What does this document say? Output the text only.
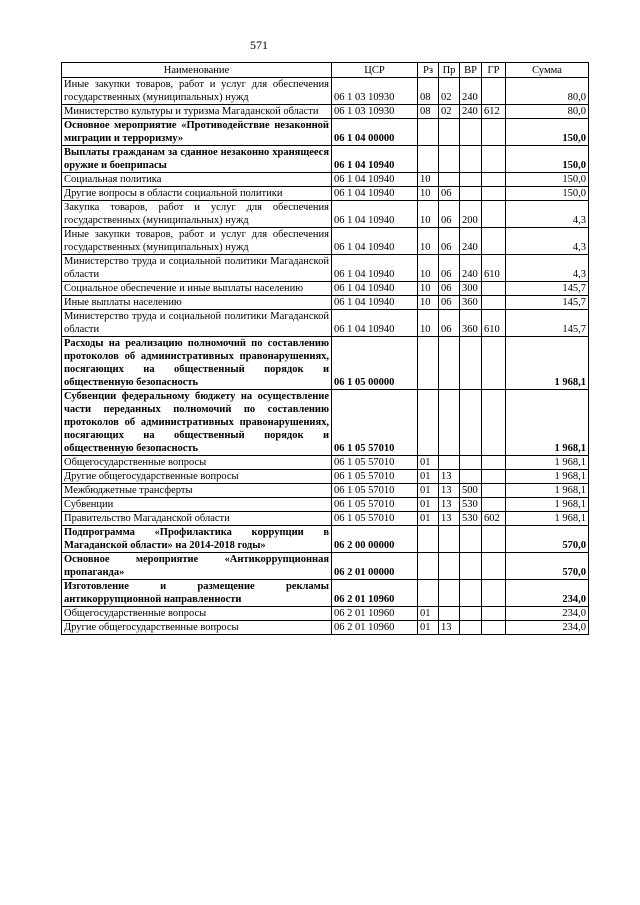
571
Наименование	ЦСР	Рз	Пр	ВР	ГР	Сумма
Иные закупки товаров, работ и услуг для обеспечения государственных (муниципальных) нужд	06 1 03 10930	08	02	240		80,0
Министерство культуры и туризма Магаданской области	06 1 03 10930	08	02	240	612	80,0
Основное мероприятие «Противодействие незаконной миграции и терроризму»	06 1 04 00000					150,0
Выплаты гражданам за сданное незаконно хранящееся оружие и боеприпасы	06 1 04 10940					150,0
Социальная политика	06 1 04 10940	10				150,0
Другие вопросы в области социальной политики	06 1 04 10940	10	06			150,0
Закупка товаров, работ и услуг для обеспечения государственных (муниципальных) нужд	06 1 04 10940	10	06	200		4,3
Иные закупки товаров, работ и услуг для обеспечения государственных (муниципальных) нужд	06 1 04 10940	10	06	240		4,3
Министерство труда и социальной политики Магаданской области	06 1 04 10940	10	06	240	610	4,3
Социальное обеспечение и иные выплаты населению	06 1 04 10940	10	06	300		145,7
Иные выплаты населению	06 1 04 10940	10	06	360		145,7
Министерство труда и социальной политики Магаданской области	06 1 04 10940	10	06	360	610	145,7
Расходы на реализацию полномочий по составлению протоколов об административных правонарушениях, посягающих на общественный порядок и общественную безопасность	06 1 05 00000					1 968,1
Субвенции федеральному бюджету на осуществление части переданных полномочий по составлению протоколов об административных правонарушениях, посягающих на общественный порядок и общественную безопасность	06 1 05 57010					1 968,1
Общегосударственные вопросы	06 1 05 57010	01				1 968,1
Другие общегосударственные вопросы	06 1 05 57010	01	13			1 968,1
Межбюджетные трансферты	06 1 05 57010	01	13	500		1 968,1
Субвенции	06 1 05 57010	01	13	530		1 968,1
Правительство Магаданской области	06 1 05 57010	01	13	530	602	1 968,1
Подпрограмма «Профилактика коррупции в Магаданской области» на 2014-2018 годы»	06 2 00 00000					570,0
Основное мероприятие «Антикоррупционная пропаганда»	06 2 01 00000					570,0
Изготовление и размещение рекламы антикоррупционной направленности	06 2 01 10960					234,0
Общегосударственные вопросы	06 2 01 10960	01				234,0
Другие общегосударственные вопросы	06 2 01 10960	01	13			234,0
